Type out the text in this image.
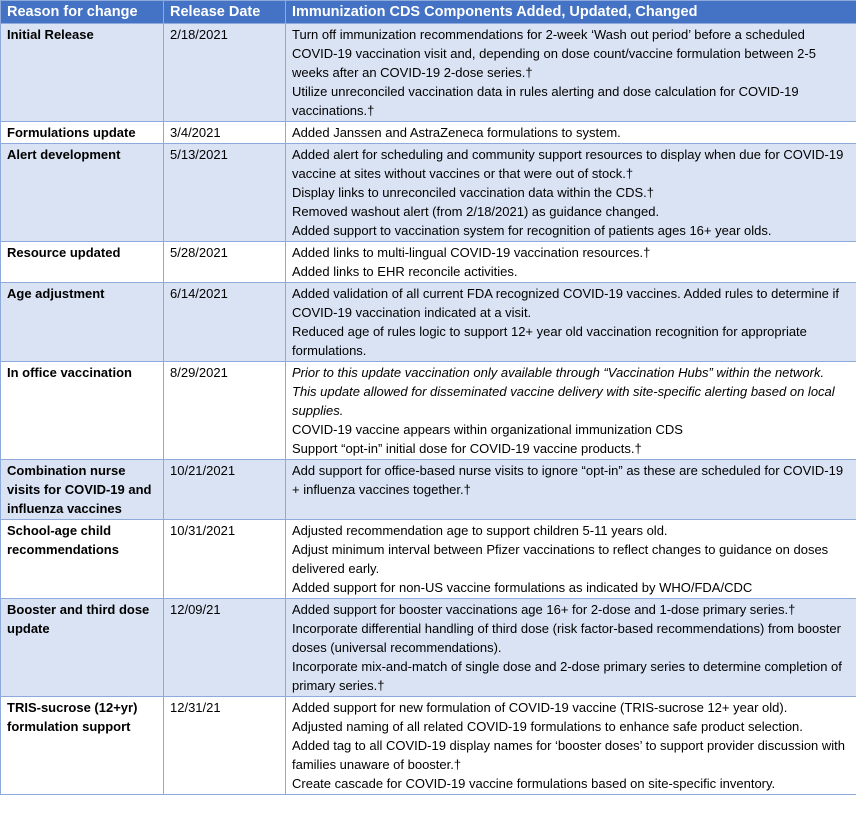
Reason for change	Release Date	Immunization CDS Components Added, Updated, Changed
Initial Release	2/18/2021	Turn off immunization recommendations for 2-week ‘Wash out period’ before a scheduled COVID-19 vaccination visit and, depending on dose count/vaccine formulation between 2-5 weeks after an COVID-19 2-dose series.†
Utilize unreconciled vaccination data in rules alerting and dose calculation for COVID-19 vaccinations.†

Formulations update	3/4/2021	Added Janssen and AstraZeneca formulations to system.

Alert development	5/13/2021	Added alert for scheduling and community support resources to display when due for COVID-19 vaccine at sites without vaccines or that were out of stock.†
Display links to unreconciled vaccination data within the CDS.†
Removed washout alert (from 2/18/2021) as guidance changed.
Added support to vaccination system for recognition of patients ages 16+ year olds.

Resource updated	5/28/2021	Added links to multi-lingual COVID-19 vaccination resources.†
Added links to EHR reconcile activities.

Age adjustment	6/14/2021	Added validation of all current FDA recognized COVID-19 vaccines. Added rules to determine if COVID-19 vaccination indicated at a visit.
Reduced age of rules logic to support 12+ year old vaccination recognition for appropriate formulations.

In office vaccination	8/29/2021	Prior to this update vaccination only available through “Vaccination Hubs” within the network. This update allowed for disseminated vaccine delivery with site-specific alerting based on local supplies.
COVID-19 vaccine appears within organizational immunization CDS
Support “opt-in” initial dose for COVID-19 vaccine products.†

Combination nurse visits for COVID-19 and influenza vaccines	10/21/2021	Add support for office-based nurse visits to ignore “opt-in” as these are scheduled for COVID-19 + influenza vaccines together.†

School-age child recommendations	10/31/2021	Adjusted recommendation age to support children 5-11 years old.
Adjust minimum interval between Pfizer vaccinations to reflect changes to guidance on doses delivered early.
Added support for non-US vaccine formulations as indicated by WHO/FDA/CDC

Booster and third dose update	12/09/21	Added support for booster vaccinations age 16+ for 2-dose and 1-dose primary series.†
Incorporate differential handling of third dose (risk factor-based recommendations) from booster doses (universal recommendations).
Incorporate mix-and-match of single dose and 2-dose primary series to determine completion of primary series.†

TRIS-sucrose (12+yr) formulation support	12/31/21	Added support for new formulation of COVID-19 vaccine (TRIS-sucrose 12+ year old).
Adjusted naming of all related COVID-19 formulations to enhance safe product selection.
Added tag to all COVID-19 display names for ‘booster doses’ to support provider discussion with families unaware of booster.†
Create cascade for COVID-19 vaccine formulations based on site-specific inventory.
